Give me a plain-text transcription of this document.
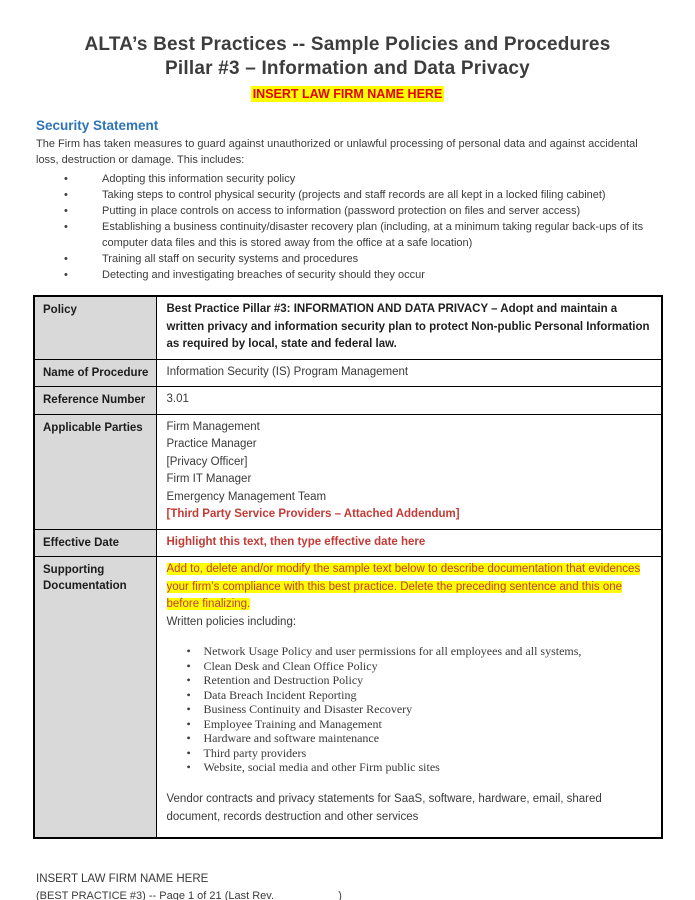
ALTA’s Best Practices -- Sample Policies and Procedures
Pillar #3 – Information and Data Privacy
INSERT LAW FIRM NAME HERE
Security Statement

The Firm has taken measures to guard against unauthorized or unlawful processing of personal data and against accidental loss, destruction or damage. This includes:

• Adopting this information security policy
• Taking steps to control physical security (projects and staff records are all kept in a locked filing cabinet)
• Putting in place controls on access to information (password protection on files and server access)
• Establishing a business continuity/disaster recovery plan (including, at a minimum taking regular back-ups of its computer data files and this is stored away from the office at a safe location)
• Training all staff on security systems and procedures
• Detecting and investigating breaches of security should they occur
Policy	Best Practice Pillar #3: INFORMATION AND DATA PRIVACY – Adopt and maintain a written privacy and information security plan to protect Non-public Personal Information as required by local, state and federal law.
Name of Procedure	Information Security (IS) Program Management
Reference Number	3.01
Applicable Parties	Firm Management
Practice Manager
[Privacy Officer]
Firm IT Manager
Emergency Management Team
[Third Party Service Providers – Attached Addendum]

Effective Date	Highlight this text, then type effective date here
Supporting Documentation	
Add to, delete and/or modify the sample text below to describe documentation that evidences your firm’s compliance with this best practice. Delete the preceding sentence and this one before finalizing.
Written policies including:
• Network Usage Policy and user permissions for all employees and all systems,
• Clean Desk and Clean Office Policy
• Retention and Destruction Policy
• Data Breach Incident Reporting
• Business Continuity and Disaster Recovery
• Employee Training and Management
• Hardware and software maintenance
• Third party providers
• Website, social media and other Firm public sites

Vendor contracts and privacy statements for SaaS, software, hardware, email, shared document, records destruction and other services

INSERT LAW FIRM NAME HERE
(BEST PRACTICE #3) -- Page 1 of 21 (Last Rev. __________)
